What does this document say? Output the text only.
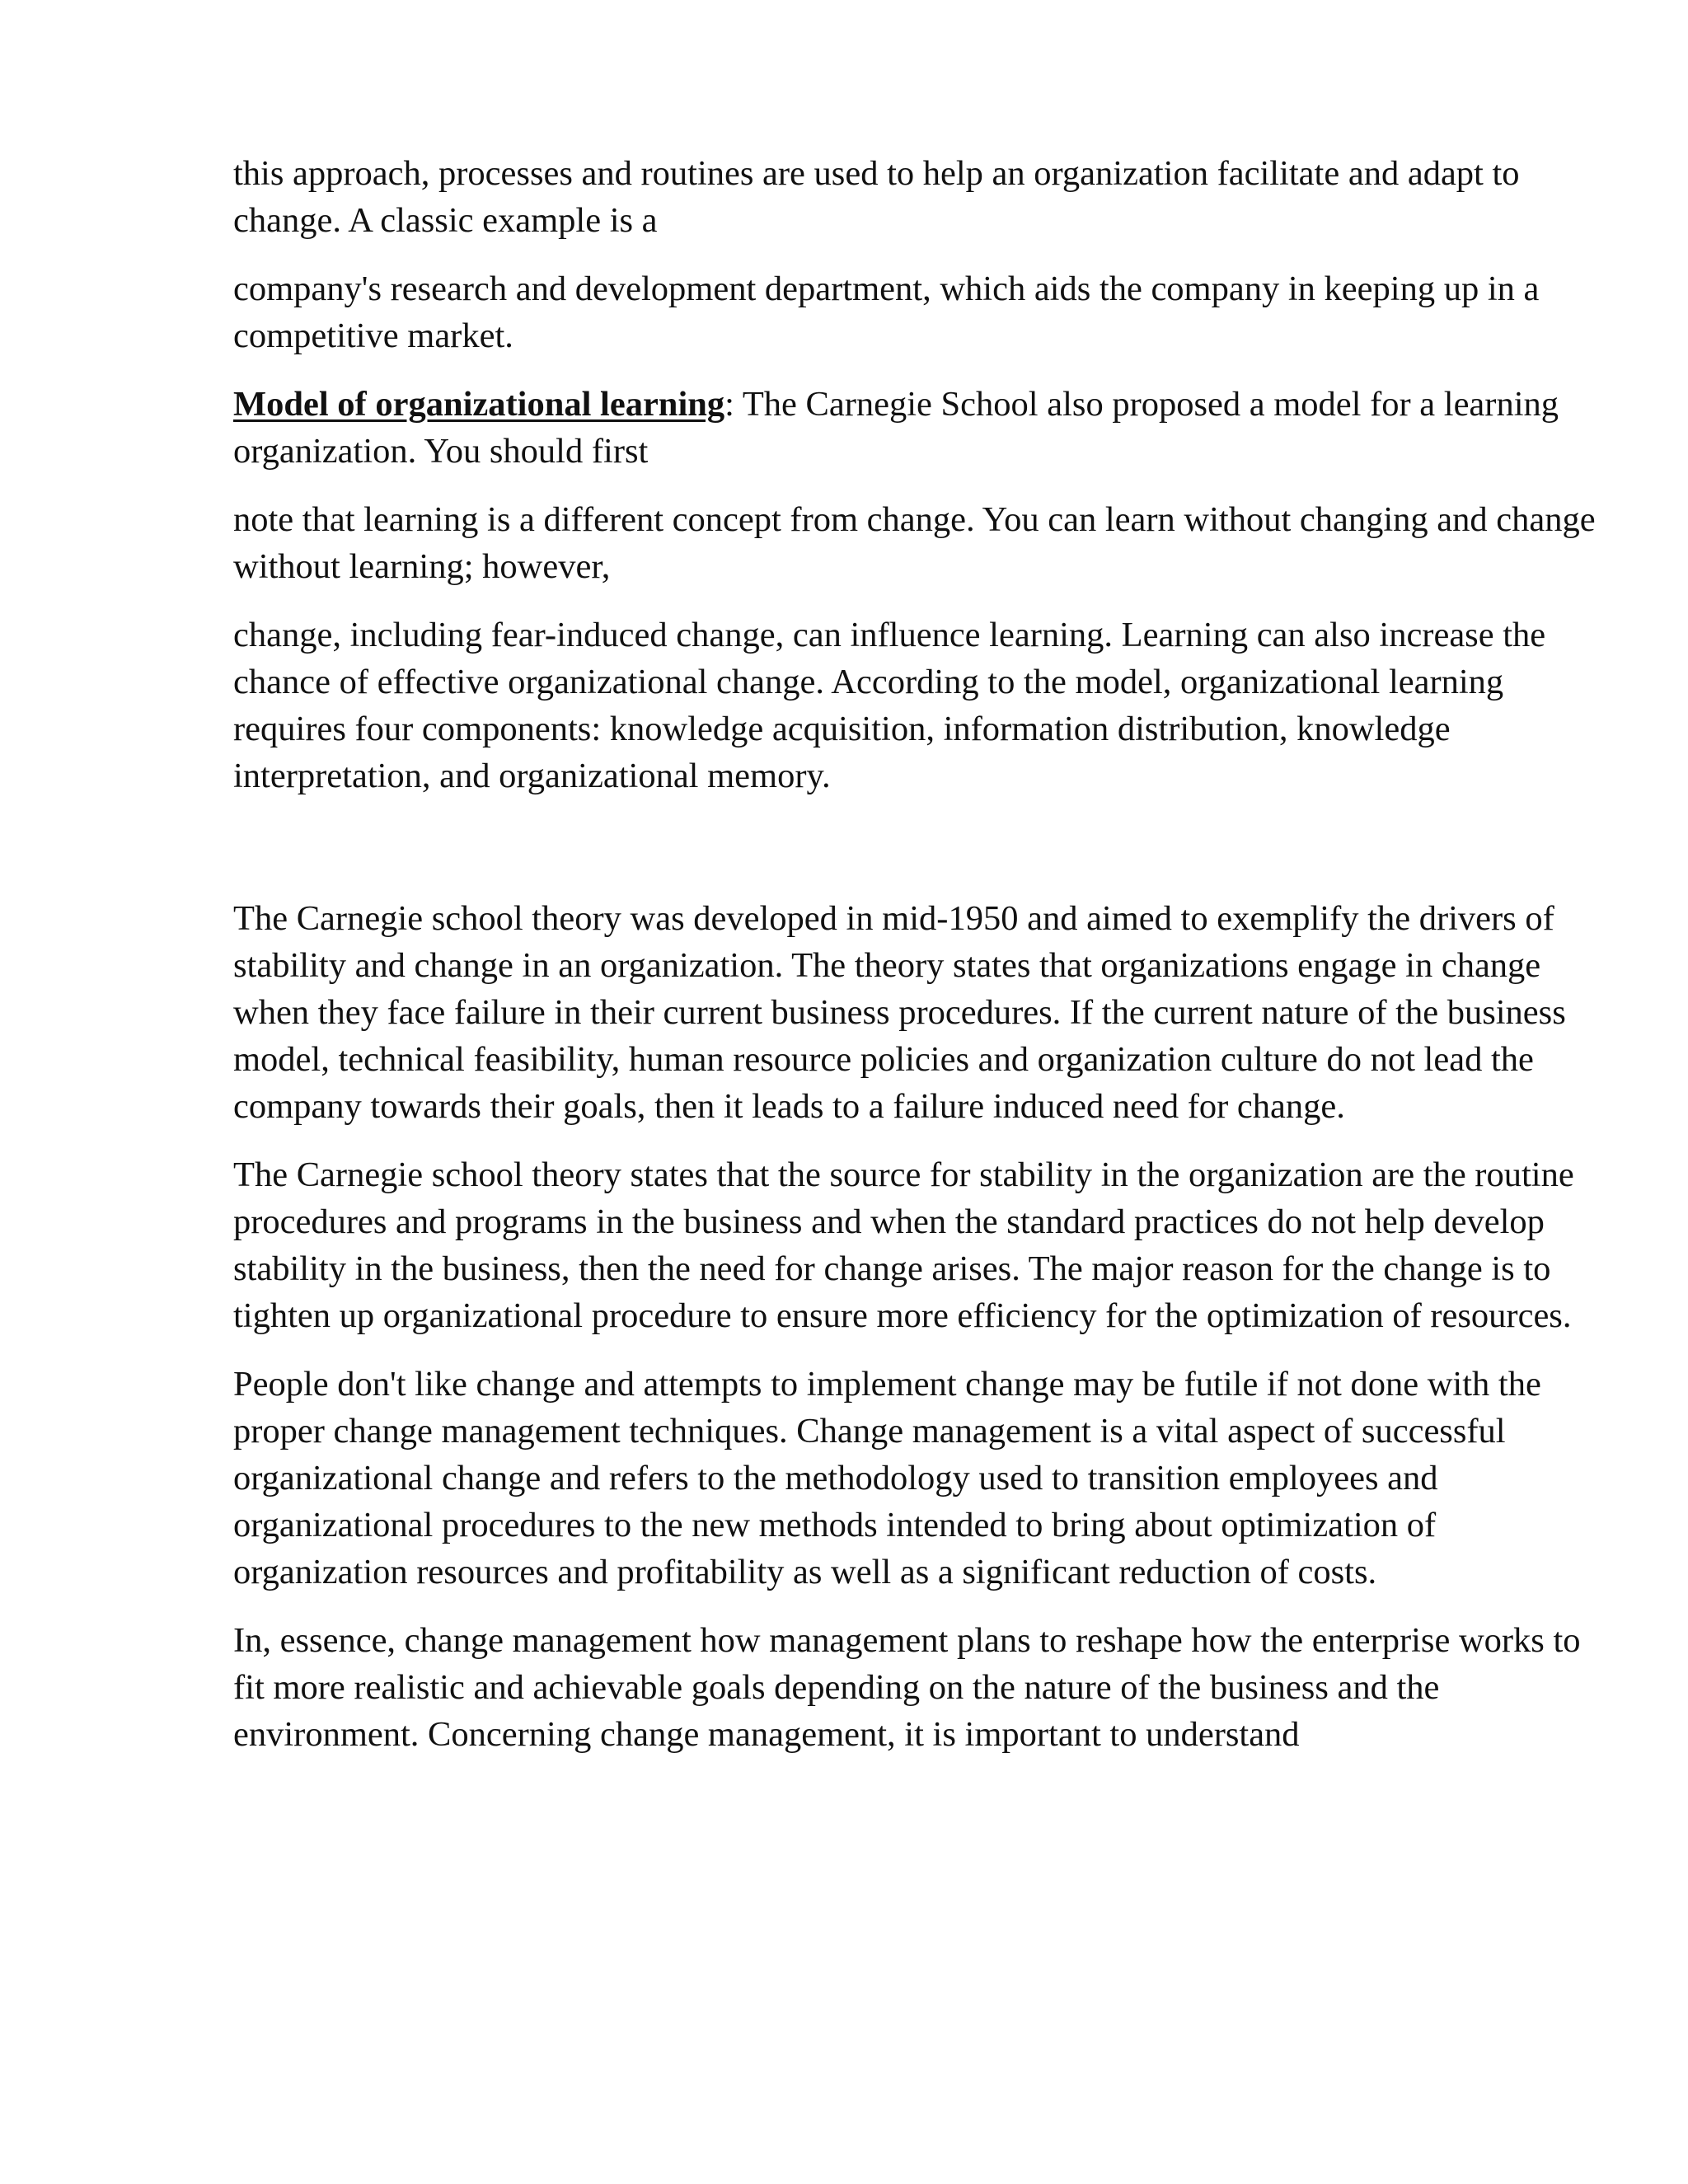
this approach, processes and routines are used to help an organization facilitate and adapt to change. A classic example is a

company's research and development department, which aids the company in keeping up in a competitive market.

Model of organizational learning: The Carnegie School also proposed a model for a learning organization. You should first

note that learning is a different concept from change. You can learn without changing and change without learning; however,

change, including fear-induced change, can influence learning. Learning can also increase the chance of effective organizational change. According to the model, organizational learning requires four components: knowledge acquisition, information distribution, knowledge interpretation, and organizational memory.

The Carnegie school theory was developed in mid-1950 and aimed to exemplify the drivers of stability and change in an organization. The theory states that organizations engage in change when they face failure in their current business procedures. If the current nature of the business model, technical feasibility, human resource policies and organization culture do not lead the company towards their goals, then it leads to a failure induced need for change.

The Carnegie school theory states that the source for stability in the organization are the routine procedures and programs in the business and when the standard practices do not help develop stability in the business, then the need for change arises. The major reason for the change is to tighten up organizational procedure to ensure more efficiency for the optimization of resources.

People don't like change and attempts to implement change may be futile if not done with the proper change management techniques. Change management is a vital aspect of successful organizational change and refers to the methodology used to transition employees and organizational procedures to the new methods intended to bring about optimization of organization resources and profitability as well as a significant reduction of costs.

In, essence, change management how management plans to reshape how the enterprise works to fit more realistic and achievable goals depending on the nature of the business and the environment. Concerning change management, it is important to understand
